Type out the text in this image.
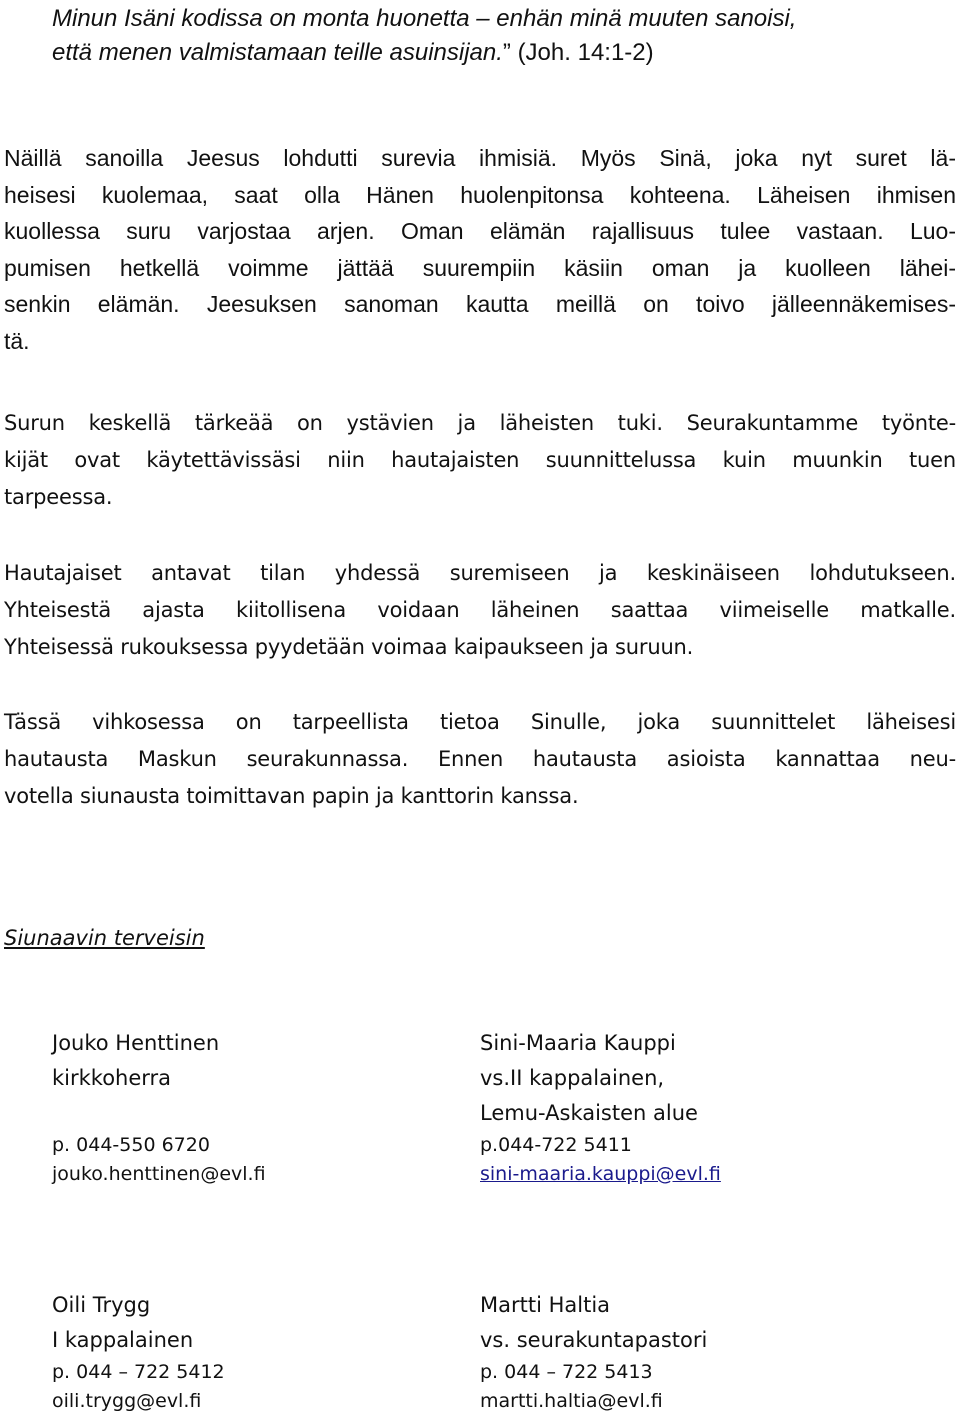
Minun Isäni kodissa on monta huonetta – enhän minä muuten sanoisi,
että menen valmistamaan teille asuinsijan.” (Joh. 14:1-2)

Näillä sanoilla Jeesus lohdutti surevia ihmisiä. Myös Sinä, joka nyt suret lä-
heisesi kuolemaa, saat olla Hänen huolenpitonsa kohteena. Läheisen ihmisen
kuollessa suru varjostaa arjen. Oman elämän rajallisuus tulee vastaan. Luo-
pumisen hetkellä voimme jättää suurempiin käsiin oman ja kuolleen lähei-
senkin elämän. Jeesuksen sanoman kautta meillä on toivo jälleennäkemises-
tä.

Surun keskellä tärkeää on ystävien ja läheisten tuki. Seurakuntamme työnte-
kijät ovat käytettävissäsi niin hautajaisten suunnittelussa kuin muunkin tuen
tarpeessa.

Hautajaiset antavat tilan yhdessä suremiseen ja keskinäiseen lohdutukseen.
Yhteisestä ajasta kiitollisena voidaan läheinen saattaa viimeiselle matkalle.
Yhteisessä rukouksessa pyydetään voimaa kaipaukseen ja suruun.

Tässä vihkosessa on tarpeellista tietoa Sinulle, joka suunnittelet läheisesi
hautausta Maskun seurakunnassa. Ennen hautausta asioista kannattaa neu-
votella siunausta toimittavan papin ja kanttorin kanssa.

Siunaavin terveisin

Jouko Henttinen
kirkkoherra

p. 044-550 6720
jouko.henttinen@evl.fi
Sini-Maaria Kauppi
vs.II kappalainen,
Lemu-Askaisten alue
p.044-722 5411
sini-maaria.kauppi@evl.fi
Oili Trygg
I kappalainen
p. 044 – 722 5412
oili.trygg@evl.fi
Martti Haltia
vs. seurakuntapastori
p. 044 – 722 5413
martti.haltia@evl.fi
